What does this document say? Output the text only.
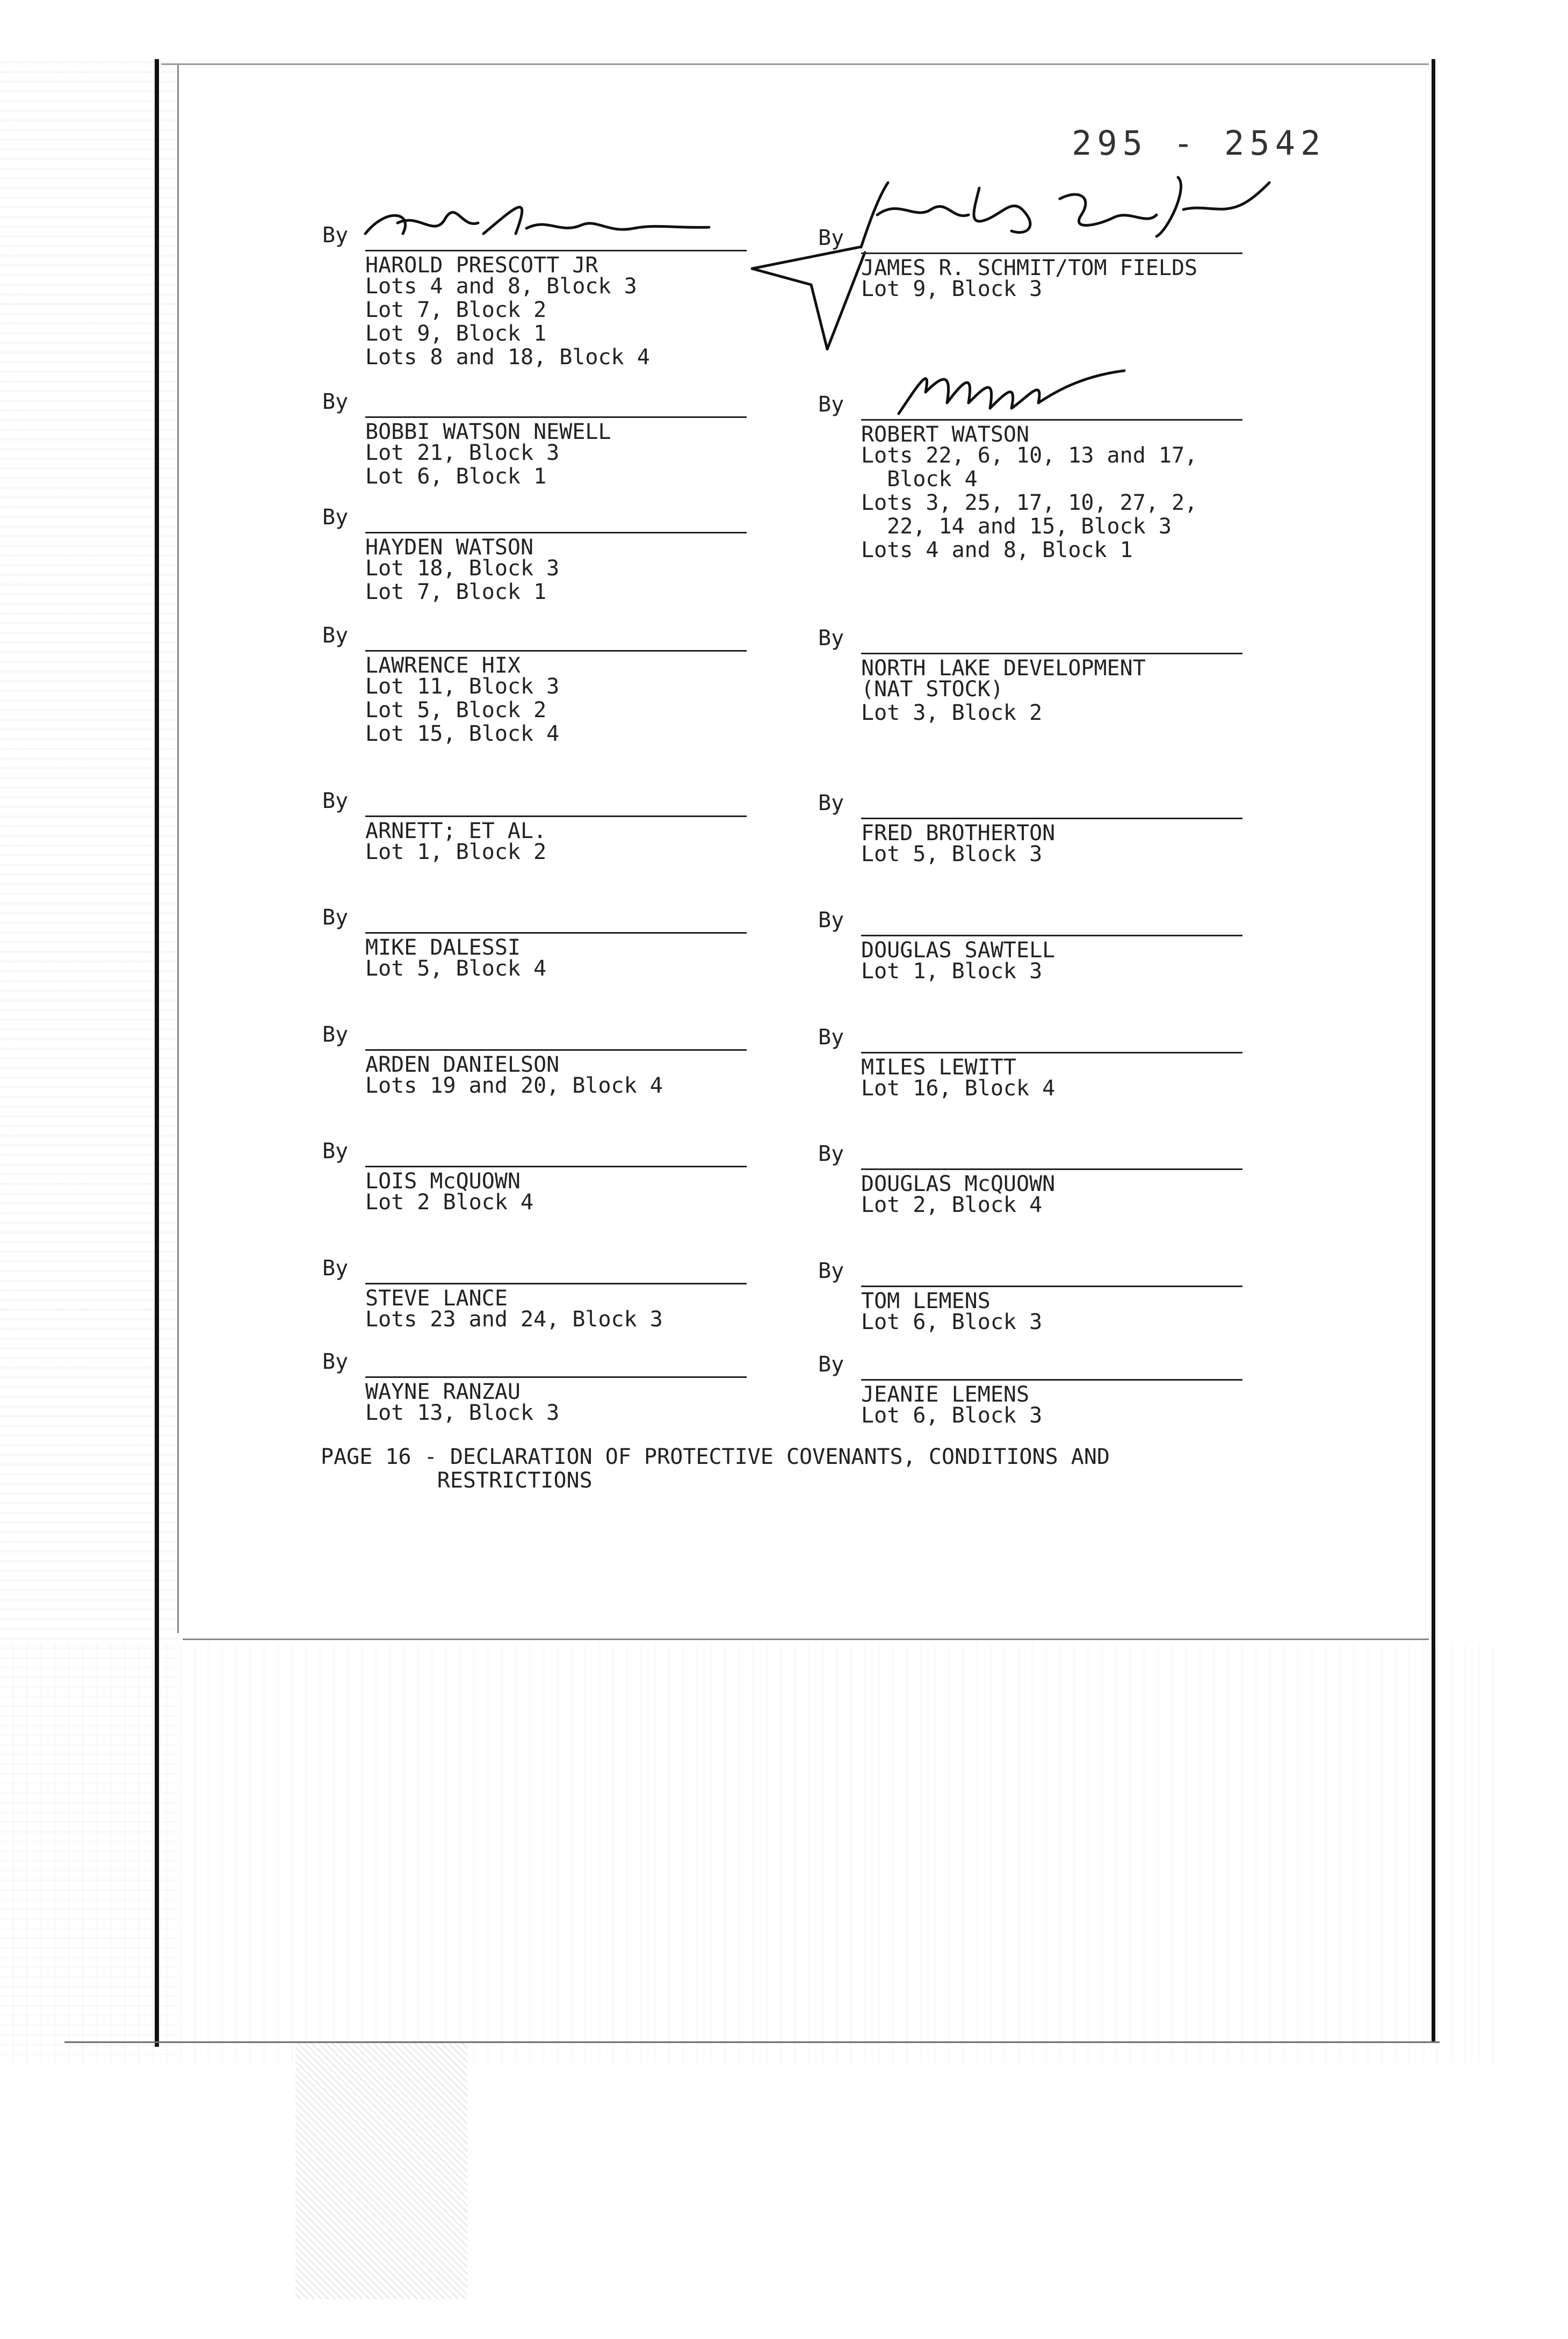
295 - 2542
By
HAROLD PRESCOTT JR
Lots 4 and 8, Block 3
Lot 7, Block 2
Lot 9, Block 1
Lots 8 and 18, Block 4
By
BOBBI WATSON NEWELL
Lot 21, Block 3
Lot 6, Block 1
By
HAYDEN WATSON
Lot 18, Block 3
Lot 7, Block 1
By
LAWRENCE HIX
Lot 11, Block 3
Lot 5, Block 2
Lot 15, Block 4
By
ARNETT; ET AL.
Lot 1, Block 2
By
MIKE DALESSI
Lot 5, Block 4
By
ARDEN DANIELSON
Lots 19 and 20, Block 4
By
LOIS McQUOWN
Lot 2 Block 4
By
STEVE LANCE
Lots 23 and 24, Block 3
By
WAYNE RANZAU
Lot 13, Block 3
By
JAMES R. SCHMIT/TOM FIELDS
Lot 9, Block 3
By
ROBERT WATSON
Lots 22, 6, 10, 13 and 17,
Block 4
Lots 3, 25, 17, 10, 27, 2,
22, 14 and 15, Block 3
Lots 4 and 8, Block 1
By
NORTH LAKE DEVELOPMENT
(NAT STOCK)
Lot 3, Block 2
By
FRED BROTHERTON
Lot 5, Block 3
By
DOUGLAS SAWTELL
Lot 1, Block 3
By
MILES LEWITT
Lot 16, Block 4
By
DOUGLAS McQUOWN
Lot 2, Block 4
By
TOM LEMENS
Lot 6, Block 3
By
JEANIE LEMENS
Lot 6, Block 3
PAGE 16 - DECLARATION OF PROTECTIVE COVENANTS, CONDITIONS AND
RESTRICTIONS
